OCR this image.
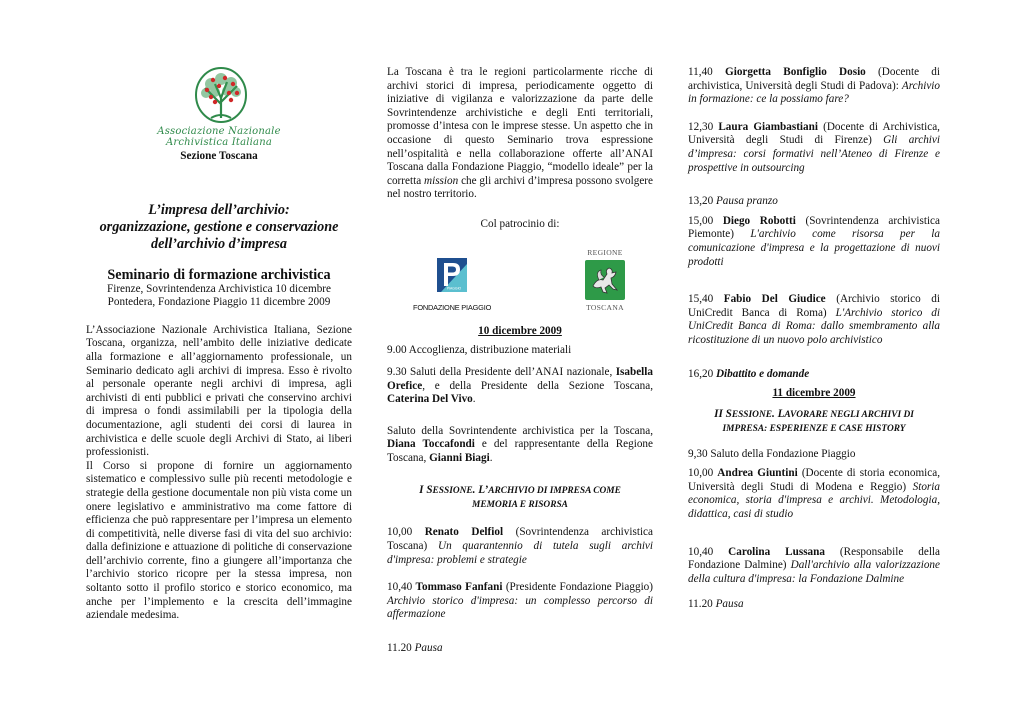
Associazione Nazionale
Archivistica Italiana
Sezione Toscana
L’impresa dell’archivio:
organizzazione, gestione e conservazione
dell’archivio d’impresa
Seminario di formazione archivistica
Firenze, Sovrintendenza Archivistica 10 dicembre
Pontedera, Fondazione Piaggio 11 dicembre 2009

L’Associazione Nazionale Archivistica Italiana, Sezione Toscana, organizza, nell’ambito delle iniziative dedicate alla formazione e all’aggiornamento professionale, un Seminario dedicato agli archivi di impresa. Esso è rivolto al personale operante negli archivi di impresa, agli archivisti di enti pubblici e privati che conservino archivi di impresa o fondi assimilabili per la tipologia della documentazione, agli studenti dei corsi di laurea in archivistica e delle scuole degli Archivi di Stato, ai liberi professionisti.

Il Corso si propone di fornire un aggiornamento sistematico e complessivo sulle più recenti metodologie e strategie della gestione documentale non più vista come un onere legislativo e amministrativo ma come fattore di efficienza che può rappresentare per l’impresa un elemento di competitività, nelle diverse fasi di vita del suo archivio: dalla definizione e attuazione di politiche di conservazione dell’archivio corrente, fino a giungere all’importanza che l’archivio storico ricopre per la stessa impresa, non soltanto sotto il profilo storico e storico economico, ma anche per l’implemento e la crescita dell’immagine aziendale medesima.

La Toscana è tra le regioni particolarmente ricche di archivi storici di impresa, periodicamente oggetto di iniziative di vigilanza e valorizzazione da parte delle Sovrintendenze archivistiche e degli Enti territoriali, promosse d’intesa con le imprese stesse. Un aspetto che in occasione di questo Seminario trova espressione nell’ospitalità e nella collaborazione offerte all’ANAI Toscana dalla Fondazione Piaggio, “modello ideale” per la corretta mission che gli archivi d’impresa possono svolgere nel nostro territorio.

Col patrocinio di:
PIAGGIO
FONDAZIONE PIAGGIO
REGIONE
TOSCANA
10 dicembre 2009

9.00 Accoglienza, distribuzione materiali

9.30 Saluti della Presidente dell’ANAI nazionale, Isabella Orefice, e della Presidente della Sezione Toscana, Caterina Del Vivo.

Saluto della Sovrintendente archivistica per la Toscana, Diana Toccafondi e del rappresentante della Regione Toscana, Gianni Biagi.

I SESSIONE. L’ARCHIVIO DI IMPRESA COME
MEMORIA E RISORSA

10,00 Renato Delfiol (Sovrintendenza archivistica Toscana) Un quarantennio di tutela sugli archivi d'impresa: problemi e strategie

10,40 Tommaso Fanfani (Presidente Fondazione Piaggio) Archivio storico d'impresa: un complesso percorso di affermazione

11.20 Pausa

11,40 Giorgetta Bonfiglio Dosio (Docente di archivistica, Università degli Studi di Padova): Archivio in formazione: ce la possiamo fare?

12,30 Laura Giambastiani (Docente di Archivistica, Università degli Studi di Firenze) Gli archivi d’impresa: corsi formativi nell’Ateneo di Firenze e prospettive in outsourcing

13,20 Pausa pranzo

15,00 Diego Robotti (Sovrintendenza archivistica Piemonte) L'archivio come risorsa per la comunicazione d'impresa e la progettazione di nuovi prodotti

15,40 Fabio Del Giudice (Archivio storico di UniCredit Banca di Roma) L'Archivio storico di UniCredit Banca di Roma: dallo smembramento alla ricostituzione di un nuovo polo archivistico

16,20 Dibattito e domande

11 dicembre 2009
II SESSIONE. LAVORARE NEGLI ARCHIVI DI
IMPRESA: ESPERIENZE E CASE HISTORY

9,30 Saluto della Fondazione Piaggio

10,00 Andrea Giuntini (Docente di storia economica, Università degli Studi di Modena e Reggio) Storia economica, storia d'impresa e archivi. Metodologia, didattica, casi di studio

10,40 Carolina Lussana (Responsabile della Fondazione Dalmine) Dall'archivio alla valorizzazione della cultura d'impresa: la Fondazione Dalmine

11.20 Pausa
